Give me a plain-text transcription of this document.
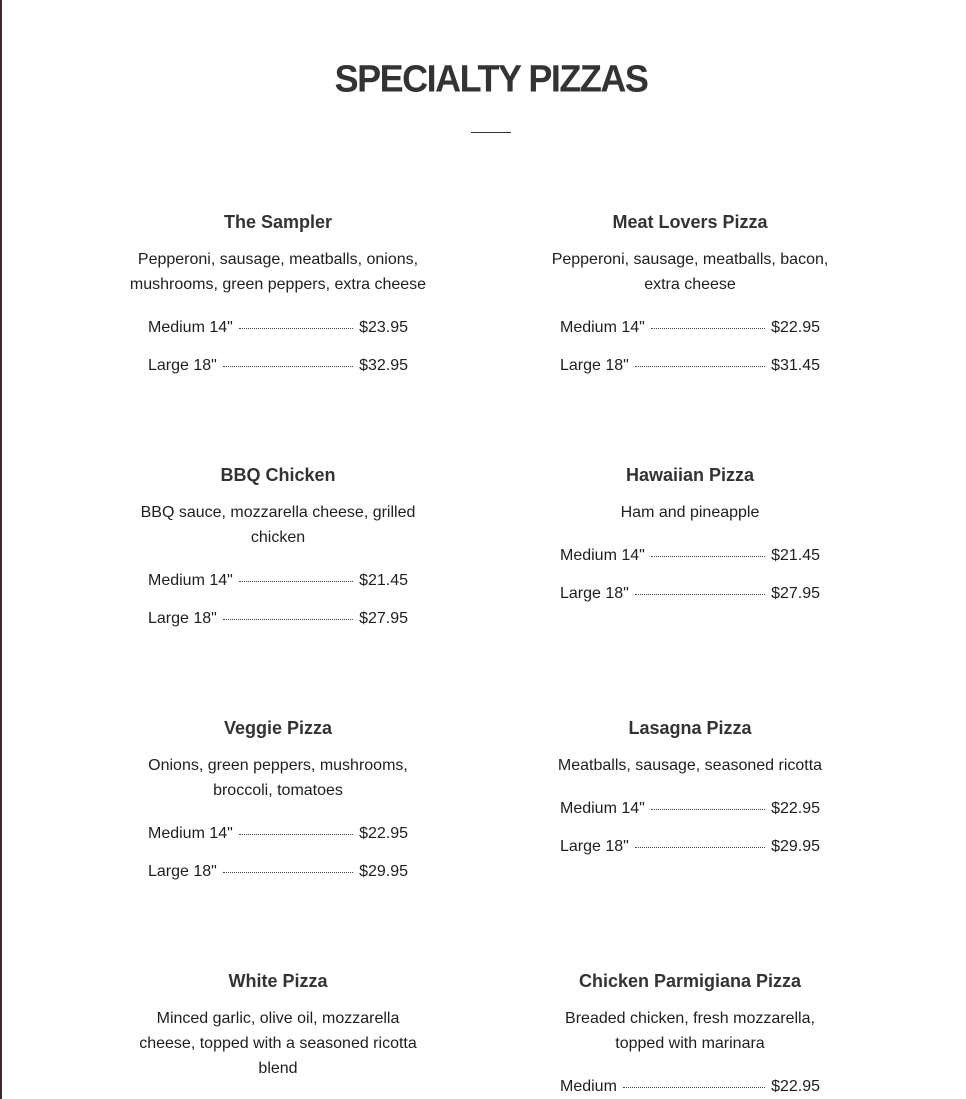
SPECIALTY PIZZAS
The Sampler
Pepperoni, sausage, meatballs, onions, mushrooms, green peppers, extra cheese
Medium 14"	$23.95
Large 18"	$32.95
Meat Lovers Pizza
Pepperoni, sausage, meatballs, bacon, extra cheese
Medium 14"	$22.95
Large 18"	$31.45
BBQ Chicken
BBQ sauce, mozzarella cheese, grilled chicken
Medium 14"	$21.45
Large 18"	$27.95
Hawaiian Pizza
Ham and pineapple
Medium 14"	$21.45
Large 18"	$27.95
Veggie Pizza
Onions, green peppers, mushrooms, broccoli, tomatoes
Medium 14"	$22.95
Large 18"	$29.95
Lasagna Pizza
Meatballs, sausage, seasoned ricotta
Medium 14"	$22.95
Large 18"	$29.95
White Pizza
Minced garlic, olive oil, mozzarella cheese, topped with a seasoned ricotta blend
Chicken Parmigiana Pizza
Breaded chicken, fresh mozzarella, topped with marinara
Medium	$22.95
